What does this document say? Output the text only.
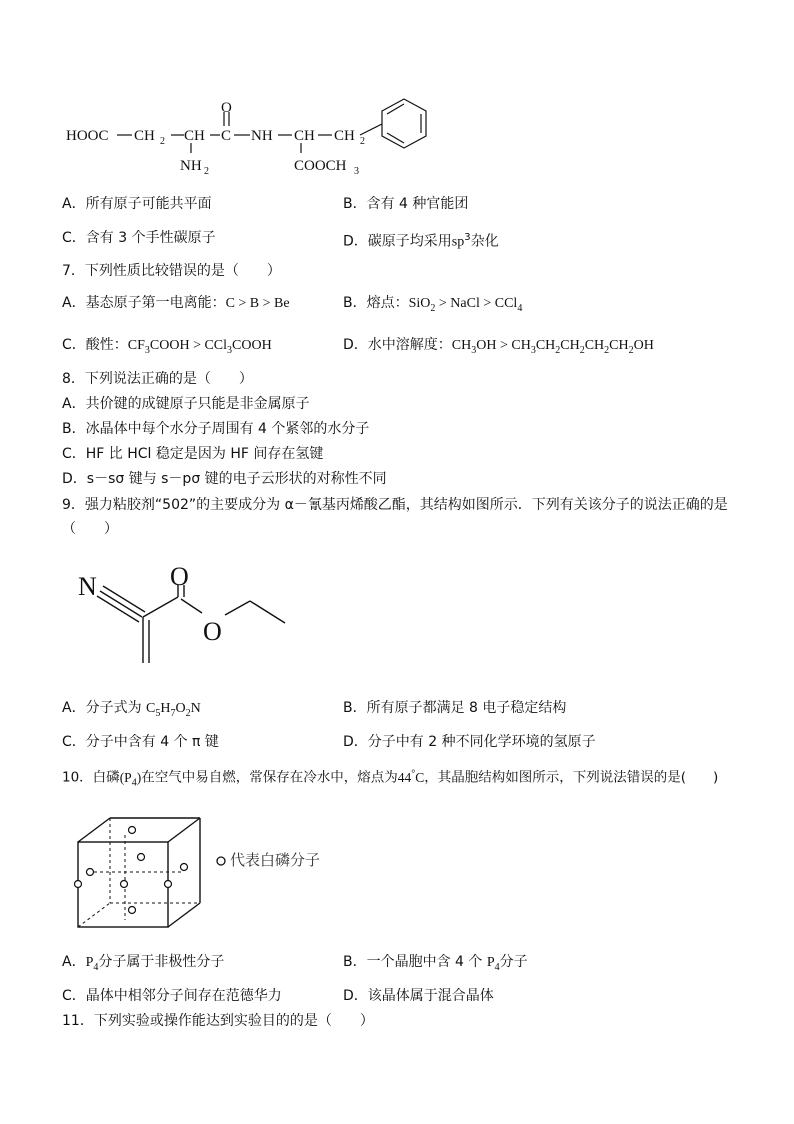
HOOC CH 2 CH C
O
NH CH CH 2
NH 2	COOCH 3
A．所有原子可能共平面	B．含有 4 种官能团
C．含有 3 个手性碳原子	D．碳原子均采用$sp^3$杂化
7．下列性质比较错误的是（　　）
A．基态原子第一电离能：C > B > Be	B．熔点：SiO$_2$ > NaCl > CCl$_4$
C．酸性：$CF_3COOH$ > CCl$_3$COOH	D．水中溶解度：$CH_3OH > CH_3CH_2CH_2CH_2CH_2OH$
8．下列说法正确的是（　　）
A．共价键的成键原子只能是非金属原子
B．冰晶体中每个水分子周围有 4 个紧邻的水分子
C．HF 比 HCl 稳定是因为 HF 间存在氢键
D．s－sσ 键与 s－pσ 键的电子云形状的对称性不同
9．强力粘胶剂“502”的主要成分为 α－氰基丙烯酸乙酯，其结构如图所示．下列有关该分子的说法正确的是
（　　）
N	O
O
A．分子式为 $C_5H_7O_2N$	B．所有原子都满足 8 电子稳定结构
C．分子中含有 4 个 π 键	D．分子中有 2 种不同化学环境的氢原子
10．白磷$(P_4)$在空气中易自燃，常保存在冷水中，熔点为44°C，其晶胞结构如图所示，下列说法错误的是(　　)
代表白磷分子
A．$P_4$分子属于非极性分子	B．一个晶胞中含 4 个 $P_4$分子
C．晶体中相邻分子间存在范德华力	D．该晶体属于混合晶体
11．下列实验或操作能达到实验目的的是（　　）
